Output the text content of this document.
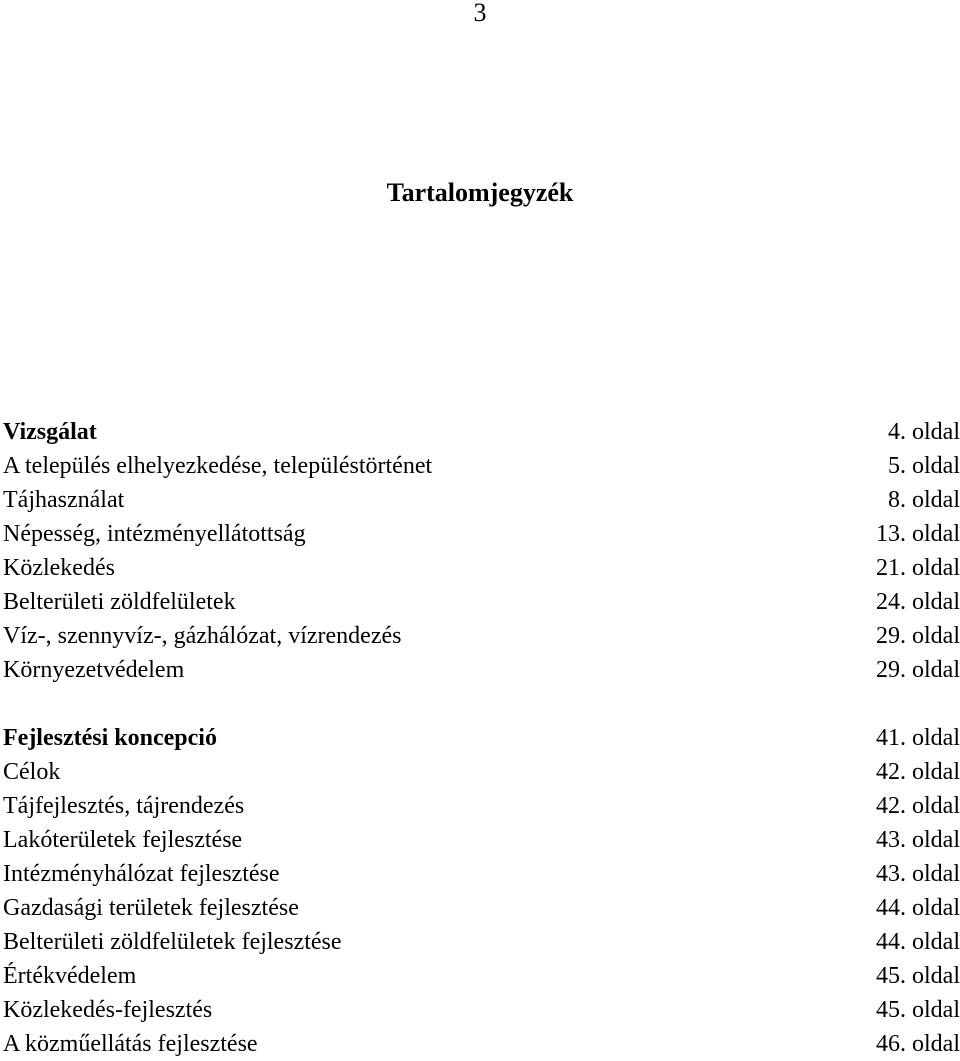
3
Tartalomjegyzék
Vizsgálat	4. oldal
A település elhelyezkedése, településtörténet	5. oldal
Tájhasználat	8. oldal
Népesség, intézményellátottság	13. oldal
Közlekedés	21. oldal
Belterületi zöldfelületek	24. oldal
Víz-, szennyvíz-, gázhálózat, vízrendezés	29. oldal
Környezetvédelem	29. oldal
Fejlesztési koncepció	41. oldal
Célok	42. oldal
Tájfejlesztés, tájrendezés	42. oldal
Lakóterületek fejlesztése	43. oldal
Intézményhálózat fejlesztése	43. oldal
Gazdasági területek fejlesztése	44. oldal
Belterületi zöldfelületek fejlesztése	44. oldal
Értékvédelem	45. oldal
Közlekedés-fejlesztés	45. oldal
A közműellátás fejlesztése	46. oldal
